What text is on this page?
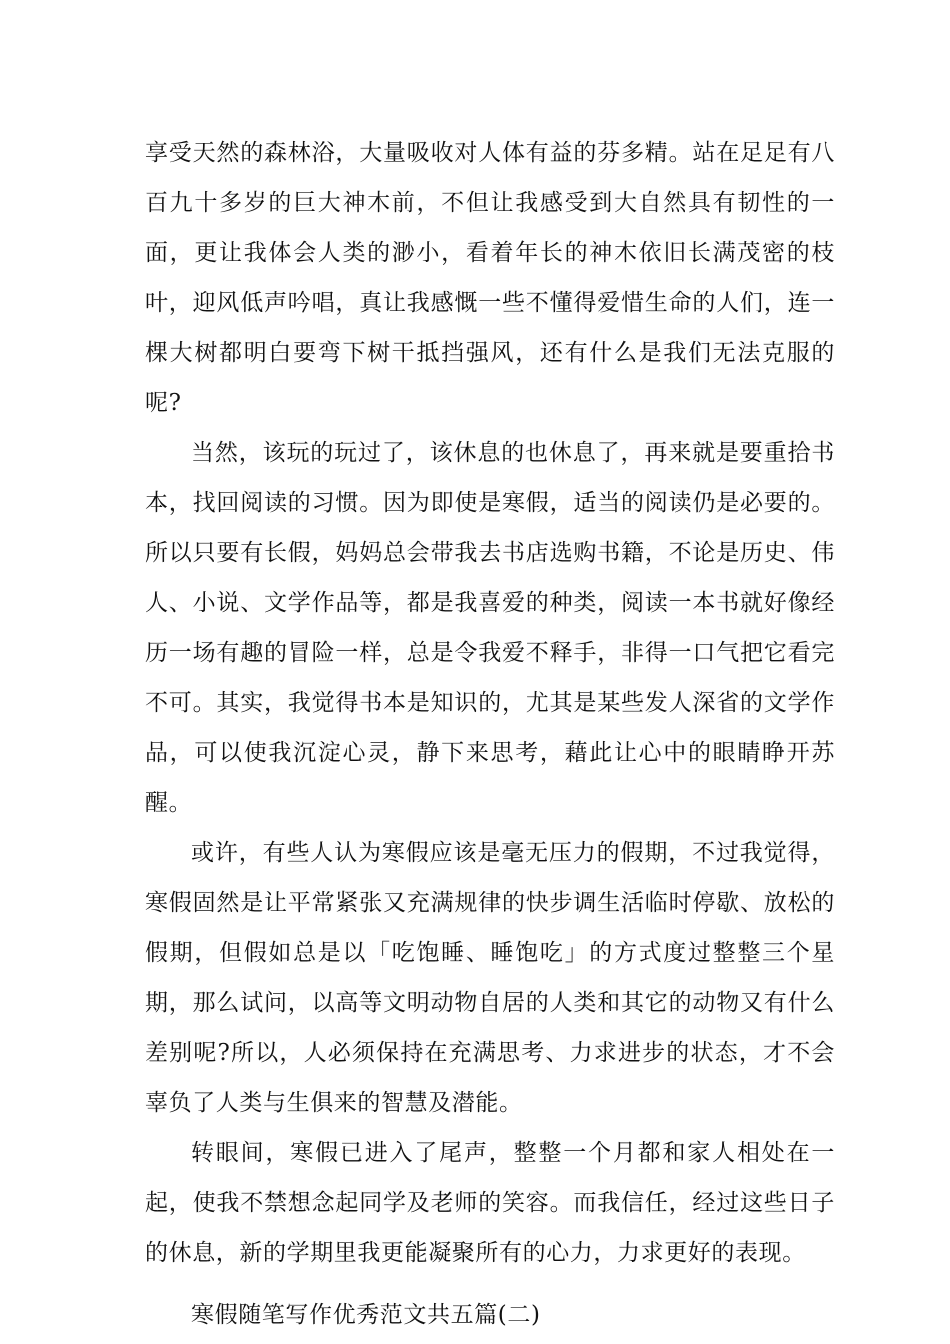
享受天然的森林浴，大量吸收对人体有益的芬多精。站在足足有八百九十多岁的巨大神木前，不但让我感受到大自然具有韧性的一面，更让我体会人类的渺小，看着年长的神木依旧长满茂密的枝叶，迎风低声吟唱，真让我感慨一些不懂得爱惜生命的人们，连一棵大树都明白要弯下树干抵挡强风，还有什么是我们无法克服的呢?

当然，该玩的玩过了，该休息的也休息了，再来就是要重拾书本，找回阅读的习惯。因为即使是寒假，适当的阅读仍是必要的。所以只要有长假，妈妈总会带我去书店选购书籍，不论是历史、伟人、小说、文学作品等，都是我喜爱的种类，阅读一本书就好像经历一场有趣的冒险一样，总是令我爱不释手，非得一口气把它看完不可。其实，我觉得书本是知识的，尤其是某些发人深省的文学作品，可以使我沉淀心灵，静下来思考，藉此让心中的眼睛睁开苏醒。

或许，有些人认为寒假应该是毫无压力的假期，不过我觉得，寒假固然是让平常紧张又充满规律的快步调生活临时停歇、放松的假期，但假如总是以「吃饱睡、睡饱吃」的方式度过整整三个星期，那么试问，以高等文明动物自居的人类和其它的动物又有什么差别呢?所以，人必须保持在充满思考、力求进步的状态，才不会辜负了人类与生俱来的智慧及潜能。

转眼间，寒假已进入了尾声，整整一个月都和家人相处在一起，使我不禁想念起同学及老师的笑容。而我信任，经过这些日子的休息，新的学期里我更能凝聚所有的心力，力求更好的表现。

寒假随笔写作优秀范文共五篇(二)
